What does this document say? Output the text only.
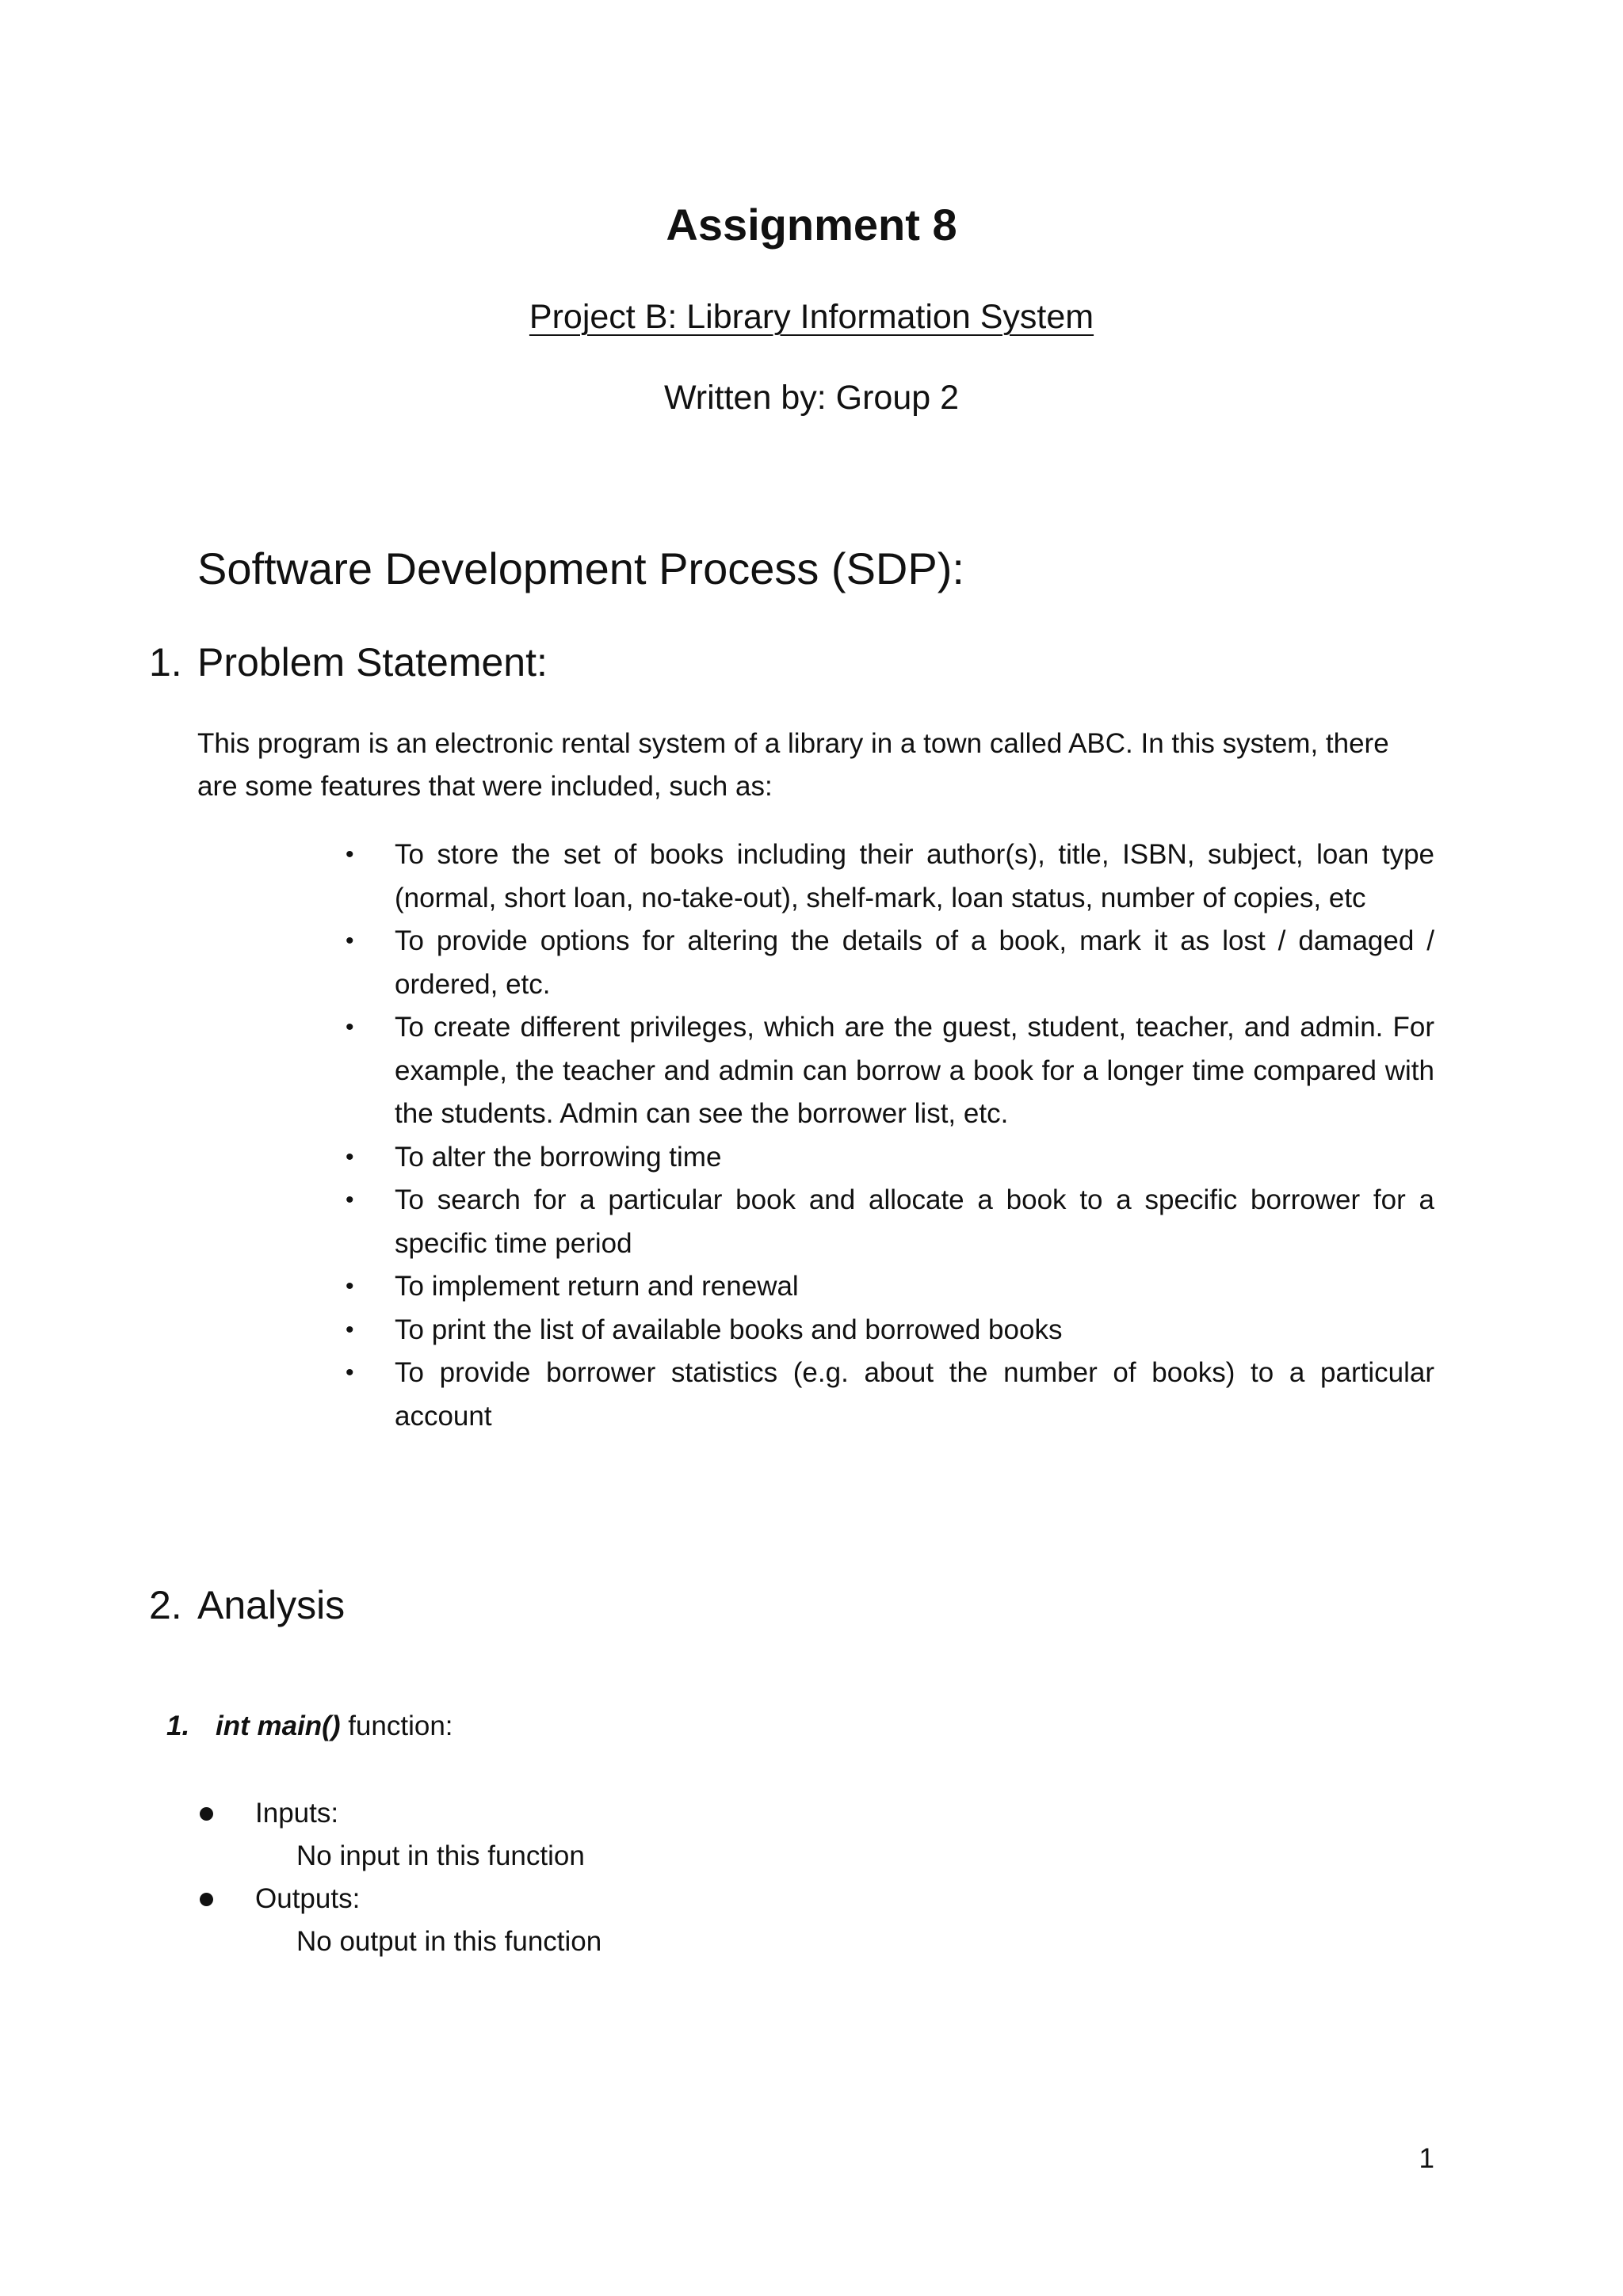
Assignment 8
Project B: Library Information System
Written by: Group 2
Software Development Process (SDP):
1. Problem Statement:

This program is an electronic rental system of a library in a town called ABC. In this system, there are some features that were included, such as:

• To store the set of books including their author(s), title, ISBN, subject, loan type (normal, short loan, no-take-out), shelf-mark, loan status, number of copies, etc
• To provide options for altering the details of a book, mark it as lost / damaged / ordered, etc.
• To create different privileges, which are the guest, student, teacher, and admin. For example, the teacher and admin can borrow a book for a longer time compared with the students. Admin can see the borrower list, etc.
• To alter the borrowing time
• To search for a particular book and allocate a book to a specific borrower for a specific time period
• To implement return and renewal
• To print the list of available books and borrowed books
• To provide borrower statistics (e.g. about the number of books) to a particular account
2. Analysis
1. int main() function:
Inputs:
No input in this function
Outputs:
No output in this function
1
